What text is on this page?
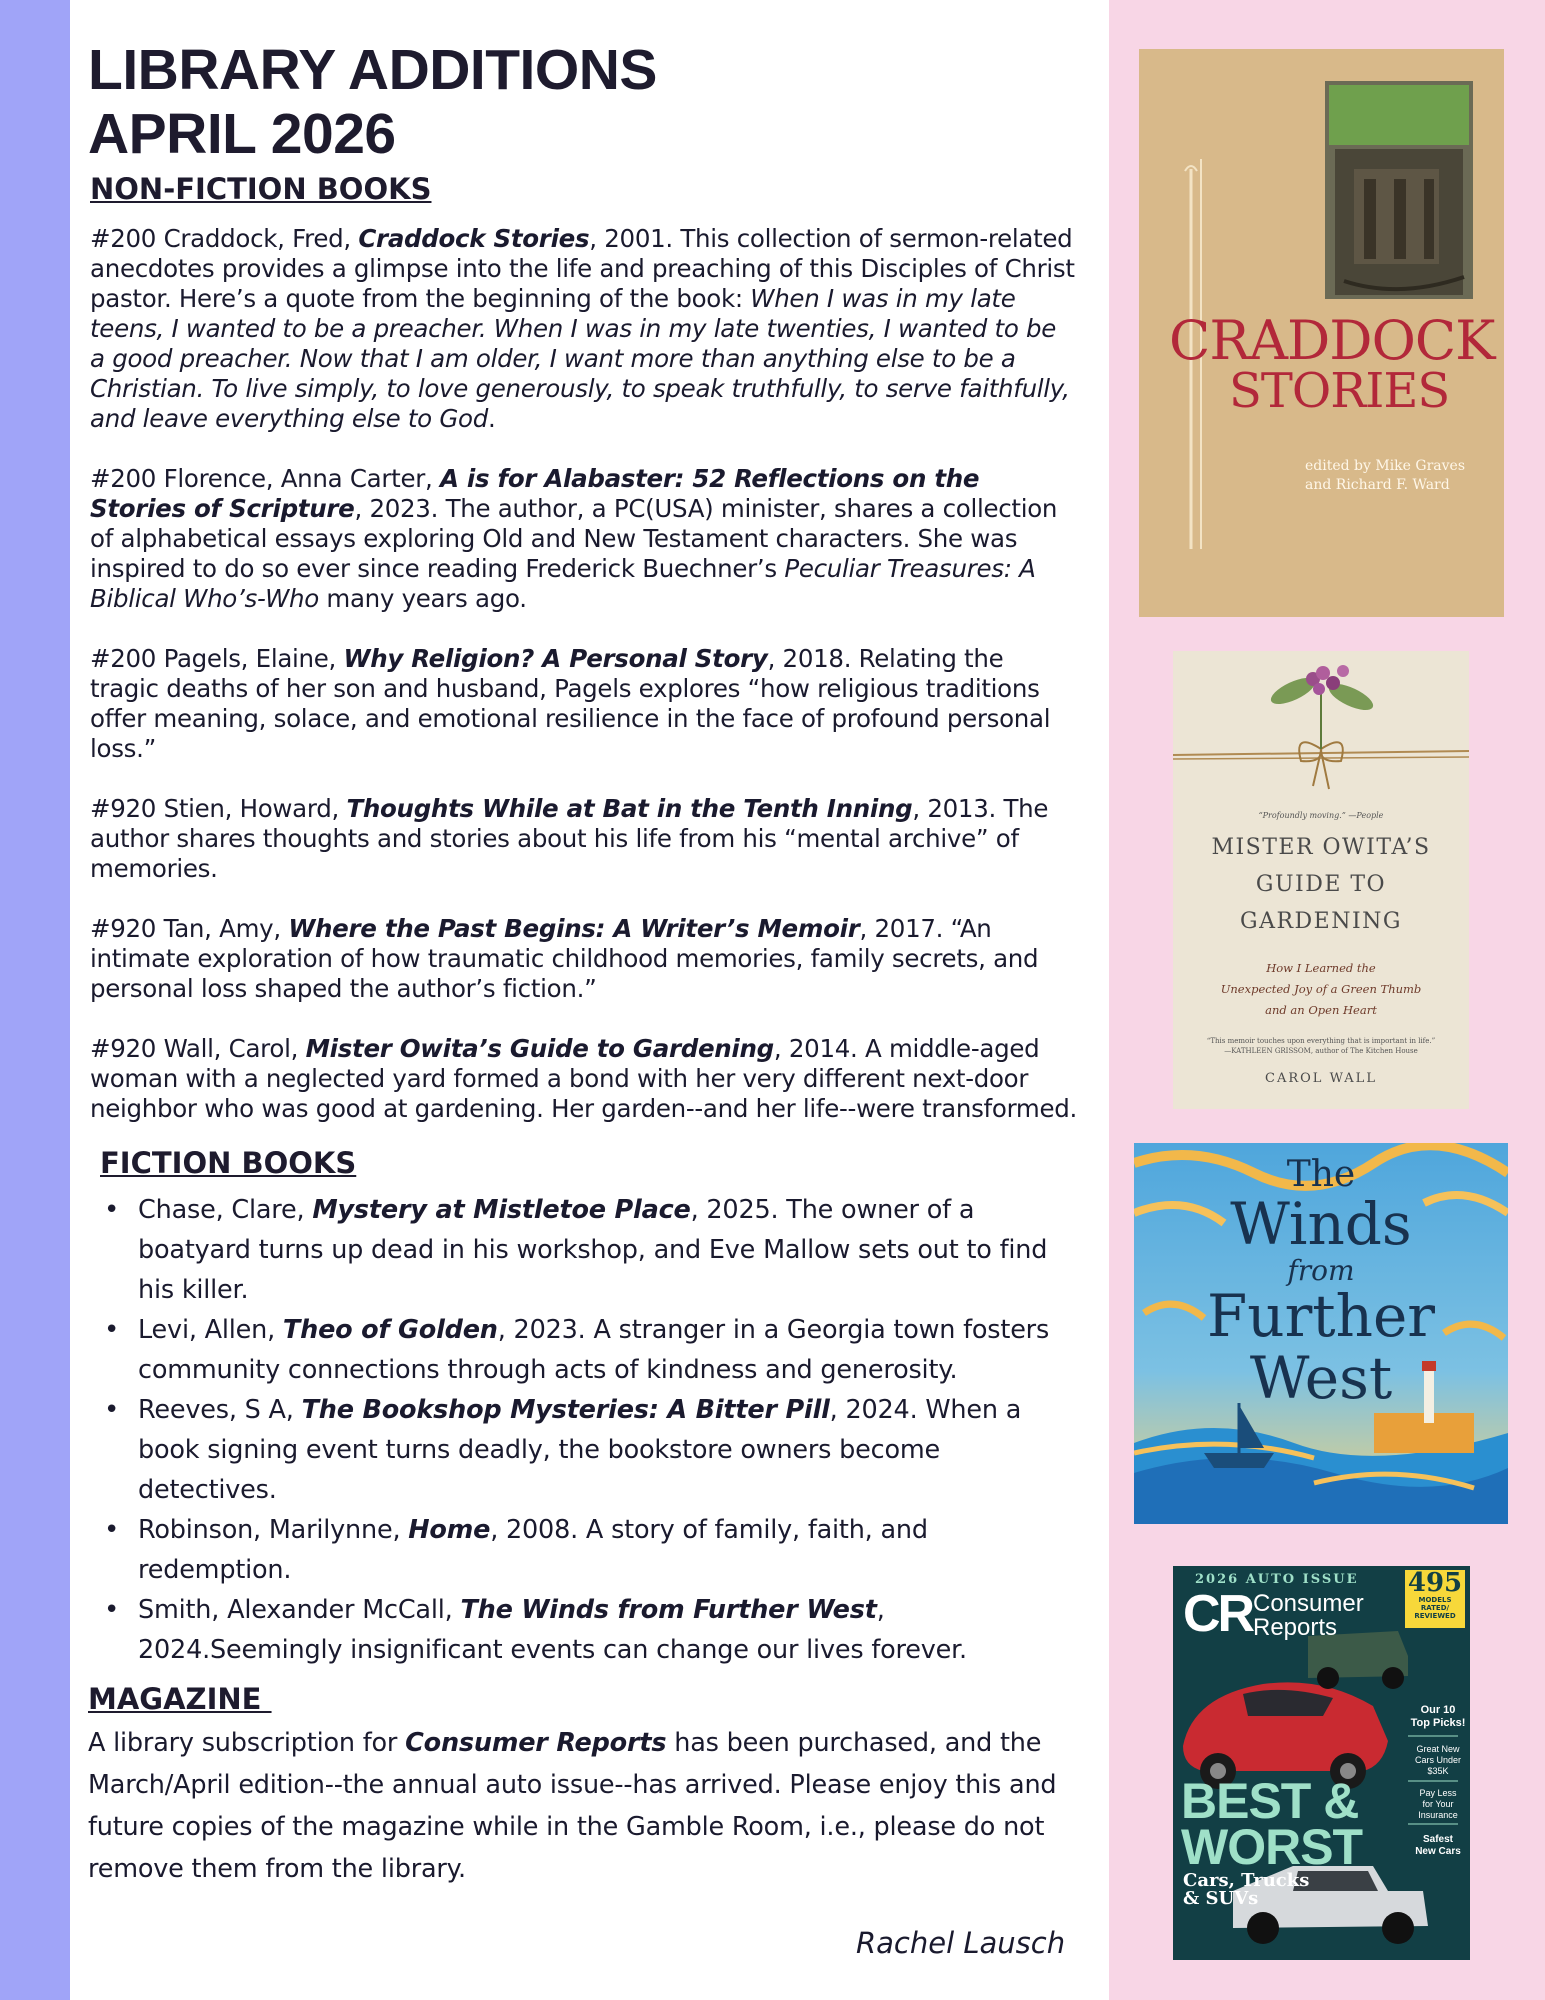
LIBRARY ADDITIONS
APRIL 2026
NON-FICTION BOOKS

#200 Craddock, Fred, Craddock Stories, 2001. This collection of sermon-related anecdotes provides a glimpse into the life and preaching of this Disciples of Christ pastor. Here’s a quote from the beginning of the book: When I was in my late teens, I wanted to be a preacher. When I was in my late twenties, I wanted to be a good preacher. Now that I am older, I want more than anything else to be a Christian. To live simply, to love generously, to speak truthfully, to serve faithfully, and leave everything else to God.

#200 Florence, Anna Carter, A is for Alabaster: 52 Reflections on the Stories of Scripture, 2023. The author, a PC(USA) minister, shares a collection of alphabetical essays exploring Old and New Testament characters. She was inspired to do so ever since reading Frederick Buechner’s Peculiar Treasures: A Biblical Who’s-Who many years ago.

#200 Pagels, Elaine, Why Religion? A Personal Story, 2018. Relating the tragic deaths of her son and husband, Pagels explores “how religious traditions offer meaning, solace, and emotional resilience in the face of profound personal loss.”

#920 Stien, Howard, Thoughts While at Bat in the Tenth Inning, 2013. The author shares thoughts and stories about his life from his “mental archive” of memories.

#920 Tan, Amy, Where the Past Begins: A Writer’s Memoir, 2017. “An intimate exploration of how traumatic childhood memories, family secrets, and personal loss shaped the author’s fiction.”

#920 Wall, Carol, Mister Owita’s Guide to Gardening, 2014. A middle-aged woman with a neglected yard formed a bond with her very different next-door neighbor who was good at gardening. Her garden--and her life--were transformed.

FICTION BOOKS
• Chase, Clare, Mystery at Mistletoe Place, 2025. The owner of a boatyard turns up dead in his workshop, and Eve Mallow sets out to find his killer.
• Levi, Allen, Theo of Golden, 2023. A stranger in a Georgia town fosters community connections through acts of kindness and generosity.
• Reeves, S A, The Bookshop Mysteries: A Bitter Pill, 2024. When a book signing event turns deadly, the bookstore owners become detectives.
• Robinson, Marilynne, Home, 2008. A story of family, faith, and redemption.
• Smith, Alexander McCall, The Winds from Further West, 2024.Seemingly insignificant events can change our lives forever.
MAGAZINE

A library subscription for Consumer Reports has been purchased, and the March/April edition--the annual auto issue--has arrived. Please enjoy this and future copies of the magazine while in the Gamble Room, i.e., please do not remove them from the library.

Rachel Lausch
CRADDOCK
STORIES
edited by Mike Graves
and Richard F. Ward
“Profoundly moving.” —People
MISTER OWITA’S
GUIDE TO
GARDENING
How I Learned the
Unexpected Joy of a Green Thumb
and an Open Heart
“This memoir touches upon everything that is important in life.”
—KATHLEEN GRISSOM, author of The Kitchen House
CAROL WALL
The
Winds
from
Further
West
2026 AUTO ISSUE
CR Consumer
Reports
495
MODELS
RATED/
REVIEWED
Our 10
Top Picks!
Great New
Cars Under
$35K
Pay Less
for Your
Insurance
Safest
New Cars
BEST &
WORST
Cars, Trucks
& SUVs
